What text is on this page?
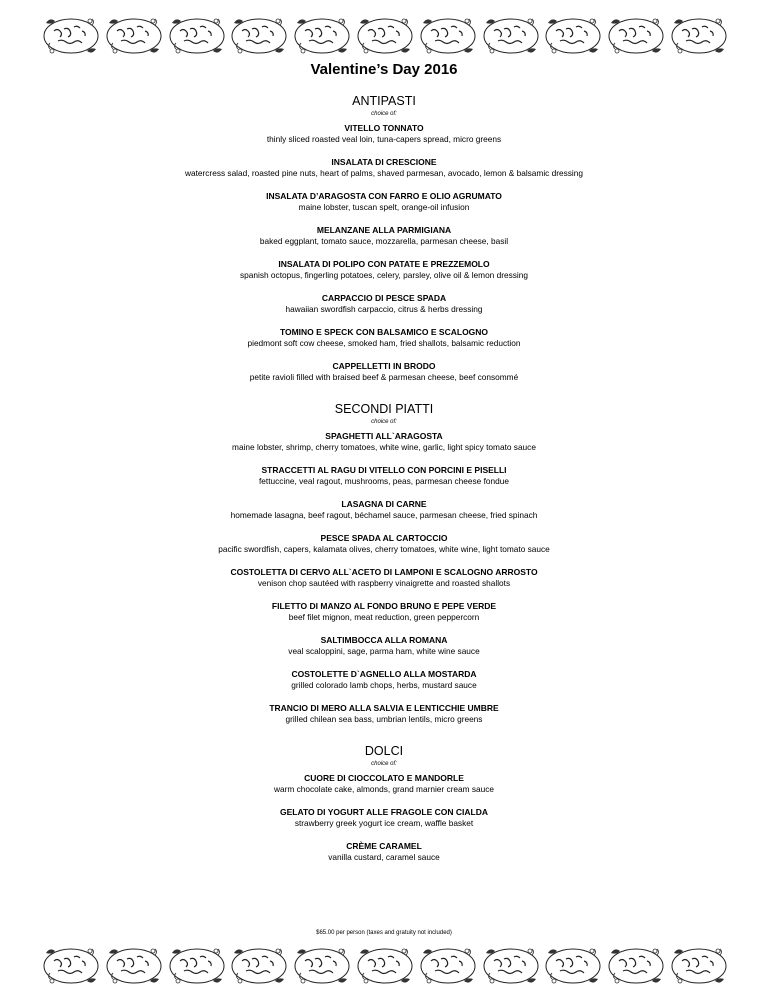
Valentine’s Day 2016

ANTIPASTI

choice of:

VITELLO TONNATO

thinly sliced roasted veal loin, tuna-capers spread, micro greens

INSALATA DI CRESCIONE

watercress salad, roasted pine nuts, heart of palms, shaved parmesan, avocado, lemon & balsamic dressing

INSALATA D’ARAGOSTA CON FARRO E OLIO AGRUMATO

maine lobster, tuscan spelt, orange-oil infusion

MELANZANE ALLA PARMIGIANA

baked eggplant, tomato sauce, mozzarella, parmesan cheese, basil

INSALATA DI POLIPO CON PATATE E PREZZEMOLO

spanish octopus, fingerling potatoes, celery, parsley, olive oil & lemon dressing

CARPACCIO DI PESCE SPADA

hawaiian swordfish carpaccio, citrus & herbs dressing

TOMINO E SPECK CON BALSAMICO E SCALOGNO

piedmont soft cow cheese, smoked ham, fried shallots, balsamic reduction

CAPPELLETTI IN BRODO

petite ravioli filled with braised beef & parmesan cheese, beef consommé

SECONDI PIATTI

choice of:

SPAGHETTI ALL`ARAGOSTA

maine lobster, shrimp, cherry tomatoes, white wine, garlic, light spicy tomato sauce

STRACCETTI AL RAGU DI VITELLO CON PORCINI E PISELLI

fettuccine, veal ragout, mushrooms, peas, parmesan cheese fondue

LASAGNA DI CARNE

homemade lasagna, beef ragout, béchamel sauce, parmesan cheese, fried spinach

PESCE SPADA AL CARTOCCIO

pacific swordfish, capers, kalamata olives, cherry tomatoes, white wine, light tomato sauce

COSTOLETTA DI CERVO ALL`ACETO DI LAMPONI E SCALOGNO ARROSTO

venison chop sautéed with raspberry vinaigrette and roasted shallots

FILETTO DI MANZO AL FONDO BRUNO E PEPE VERDE

beef filet mignon, meat reduction, green peppercorn

SALTIMBOCCA ALLA ROMANA

veal scaloppini, sage, parma ham, white wine sauce

COSTOLETTE D`AGNELLO ALLA MOSTARDA

grilled colorado lamb chops, herbs, mustard sauce

TRANCIO DI MERO ALLA SALVIA E LENTICCHIE UMBRE

grilled chilean sea bass, umbrian lentils, micro greens

DOLCI

choice of:

CUORE DI CIOCCOLATO E MANDORLE

warm chocolate cake, almonds, grand marnier cream sauce

GELATO DI YOGURT ALLE FRAGOLE CON CIALDA

strawberry greek yogurt ice cream, waffle basket

CRÈME CARAMEL

vanilla custard, caramel sauce

$65.00 per person (taxes and gratuity not included)
